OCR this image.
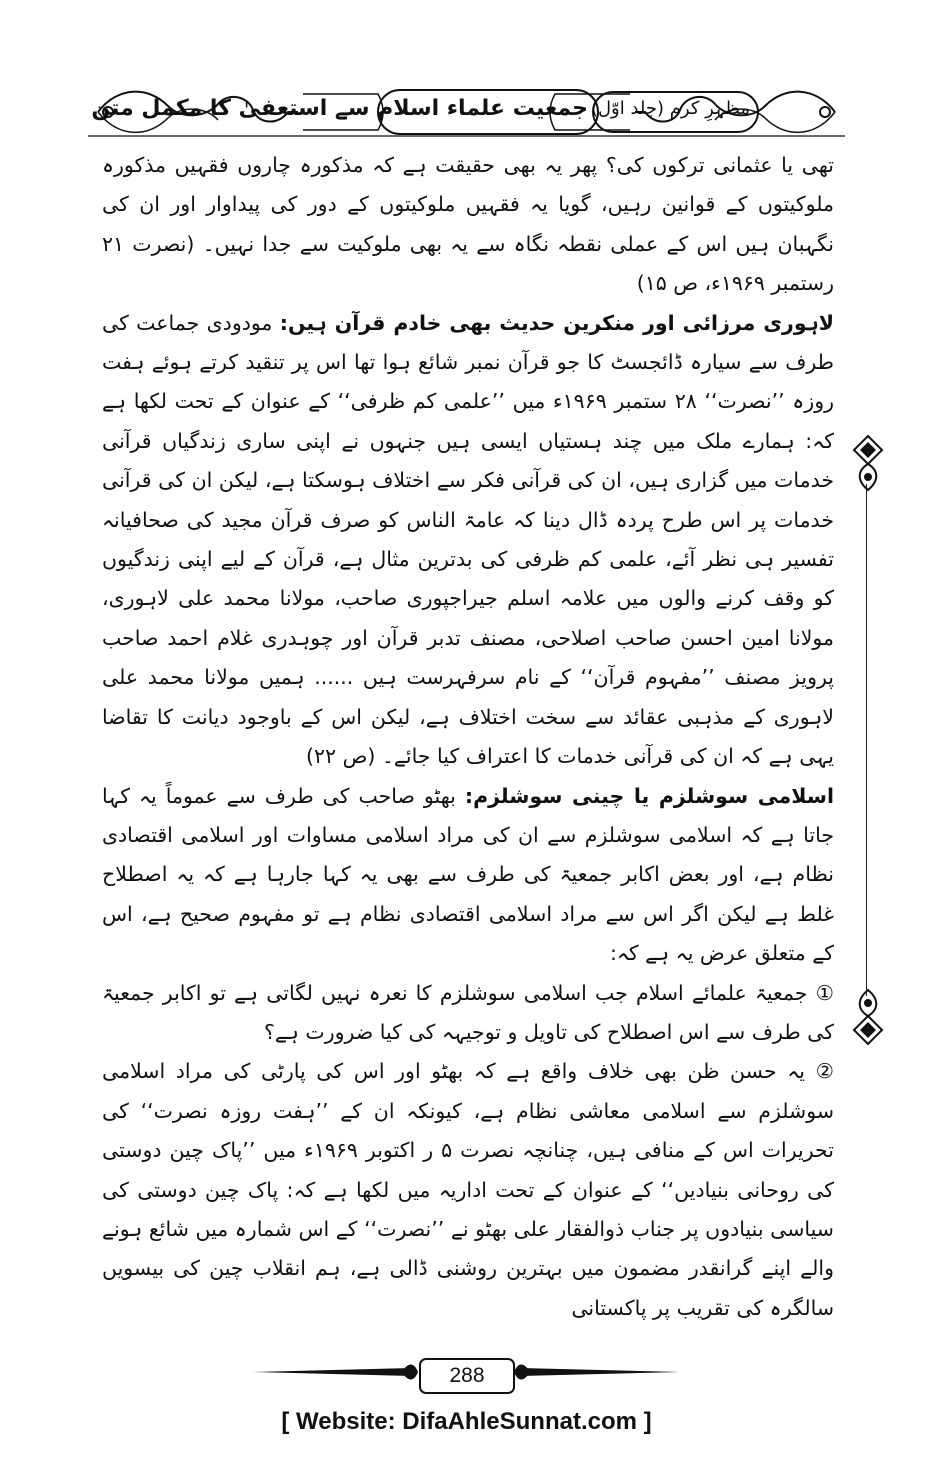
جمعیت علماء اسلام سے استعفیٰ کا مکمل متن مظہرِ کرم (جلد اوّل)

تھی یا عثمانی ترکوں کی؟ پھر یہ بھی حقیقت ہے کہ مذکورہ چاروں فقہیں مذکورہ ملوکیتوں کے قوانین رہیں، گویا یہ فقہیں ملوکیتوں کے دور کی پیداوار اور ان کی نگہبان ہیں اس کے عملی نقطہ نگاہ سے یہ بھی ملوکیت سے جدا نہیں۔ (نصرت ۲۱ رستمبر ۱۹۶۹ء، ص ۱۵)

لاہوری مرزائی اور منکرین حدیث بھی خادم قرآن ہیں: مودودی جماعت کی طرف سے سیارہ ڈائجسٹ کا جو قرآن نمبر شائع ہوا تھا اس پر تنقید کرتے ہوئے ہفت روزہ ’’نصرت‘‘ ۲۸ ستمبر ۱۹۶۹ء میں ’’علمی کم ظرفی‘‘ کے عنوان کے تحت لکھا ہے کہ: ہمارے ملک میں چند ہستیاں ایسی ہیں جنہوں نے اپنی ساری زندگیاں قرآنی خدمات میں گزاری ہیں، ان کی قرآنی فکر سے اختلاف ہوسکتا ہے، لیکن ان کی قرآنی خدمات پر اس طرح پردہ ڈال دینا کہ عامۃ الناس کو صرف قرآن مجید کی صحافیانہ تفسیر ہی نظر آئے، علمی کم ظرفی کی بدترین مثال ہے، قرآن کے لیے اپنی زندگیوں کو وقف کرنے والوں میں علامہ اسلم جیراجپوری صاحب، مولانا محمد علی لاہوری، مولانا امین احسن صاحب اصلاحی، مصنف تدبر قرآن اور چوہدری غلام احمد صاحب پرویز مصنف ’’مفہوم قرآن‘‘ کے نام سرفہرست ہیں ...... ہمیں مولانا محمد علی لاہوری کے مذہبی عقائد سے سخت اختلاف ہے، لیکن اس کے باوجود دیانت کا تقاضا یہی ہے کہ ان کی قرآنی خدمات کا اعتراف کیا جائے۔ (ص ۲۲)

اسلامی سوشلزم یا چینی سوشلزم: بھٹو صاحب کی طرف سے عموماً یہ کہا جاتا ہے کہ اسلامی سوشلزم سے ان کی مراد اسلامی مساوات اور اسلامی اقتصادی نظام ہے، اور بعض اکابر جمعیۃ کی طرف سے بھی یہ کہا جارہا ہے کہ یہ اصطلاح غلط ہے لیکن اگر اس سے مراد اسلامی اقتصادی نظام ہے تو مفہوم صحیح ہے، اس کے متعلق عرض یہ ہے کہ:

① جمعیۃ علمائے اسلام جب اسلامی سوشلزم کا نعرہ نہیں لگاتی ہے تو اکابر جمعیۃ کی طرف سے اس اصطلاح کی تاویل و توجیہہ کی کیا ضرورت ہے؟

② یہ حسن ظن بھی خلاف واقع ہے کہ بھٹو اور اس کی پارٹی کی مراد اسلامی سوشلزم سے اسلامی معاشی نظام ہے، کیونکہ ان کے ’’ہفت روزہ نصرت‘‘ کی تحریرات اس کے منافی ہیں، چنانچہ نصرت ۵ ر اکتوبر ۱۹۶۹ء میں ’’پاک چین دوستی کی روحانی بنیادیں‘‘ کے عنوان کے تحت اداریہ میں لکھا ہے کہ: پاک چین دوستی کی سیاسی بنیادوں پر جناب ذوالفقار علی بھٹو نے ’’نصرت‘‘ کے اس شمارہ میں شائع ہونے والے اپنے گرانقدر مضمون میں بہترین روشنی ڈالی ہے، ہم انقلاب چین کی بیسویں سالگرہ کی تقریب پر پاکستانی

288
[ Website: DifaAhleSunnat.com ]
